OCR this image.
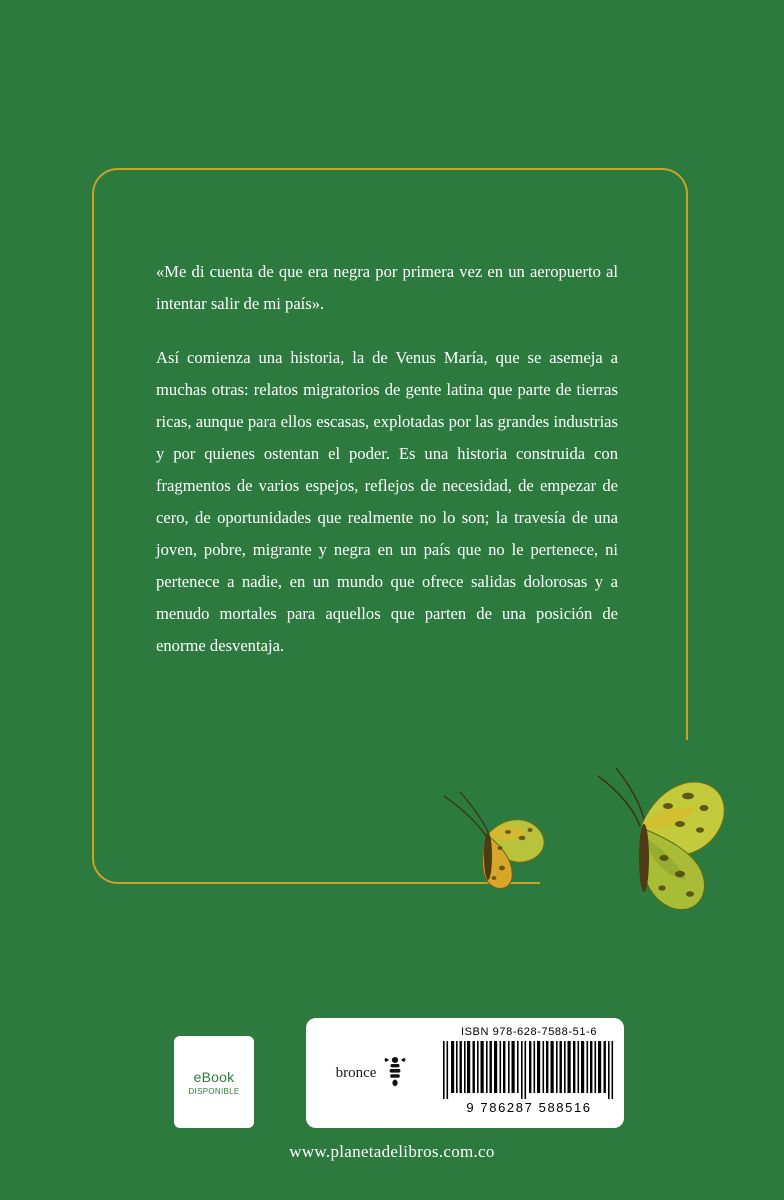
«Me di cuenta de que era negra por primera vez en un aeropuerto al intentar salir de mi país».

Así comienza una historia, la de Venus María, que se asemeja a muchas otras: relatos migratorios de gente latina que parte de tierras ricas, aunque para ellos escasas, explotadas por las grandes industrias y por quienes ostentan el poder. Es una historia construida con fragmentos de varios espejos, reflejos de necesidad, de empezar de cero, de oportunidades que realmente no lo son; la travesía de una joven, pobre, migrante y negra en un país que no le pertenece, ni pertenece a nadie, en un mundo que ofrece salidas dolorosas y a menudo mortales para aquellos que parten de una posición de enorme desventaja.

eBook
DISPONIBLE
bronce
ISBN 978-628-7588-51-6
9 786287 588516
www.planetadelibros.com.co
